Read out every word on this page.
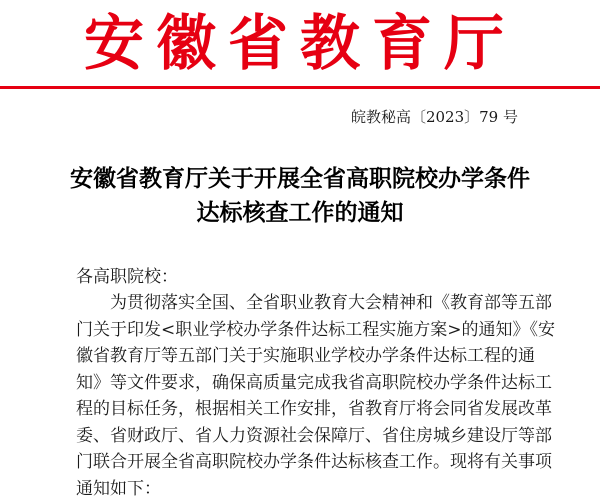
安徽省教育厅
皖教秘高〔2023〕79 号
安徽省教育厅关于开展全省高职院校办学条件
达标核查工作的通知
各高职院校：
为贯彻落实全国、全省职业教育大会精神和《教育部等五部
门关于印发<职业学校办学条件达标工程实施方案>的通知》《安
徽省教育厅等五部门关于实施职业学校办学条件达标工程的通
知》等文件要求，确保高质量完成我省高职院校办学条件达标工
程的目标任务，根据相关工作安排，省教育厅将会同省发展改革
委、省财政厅、省人力资源社会保障厅、省住房城乡建设厅等部
门联合开展全省高职院校办学条件达标核查工作。现将有关事项
通知如下：
